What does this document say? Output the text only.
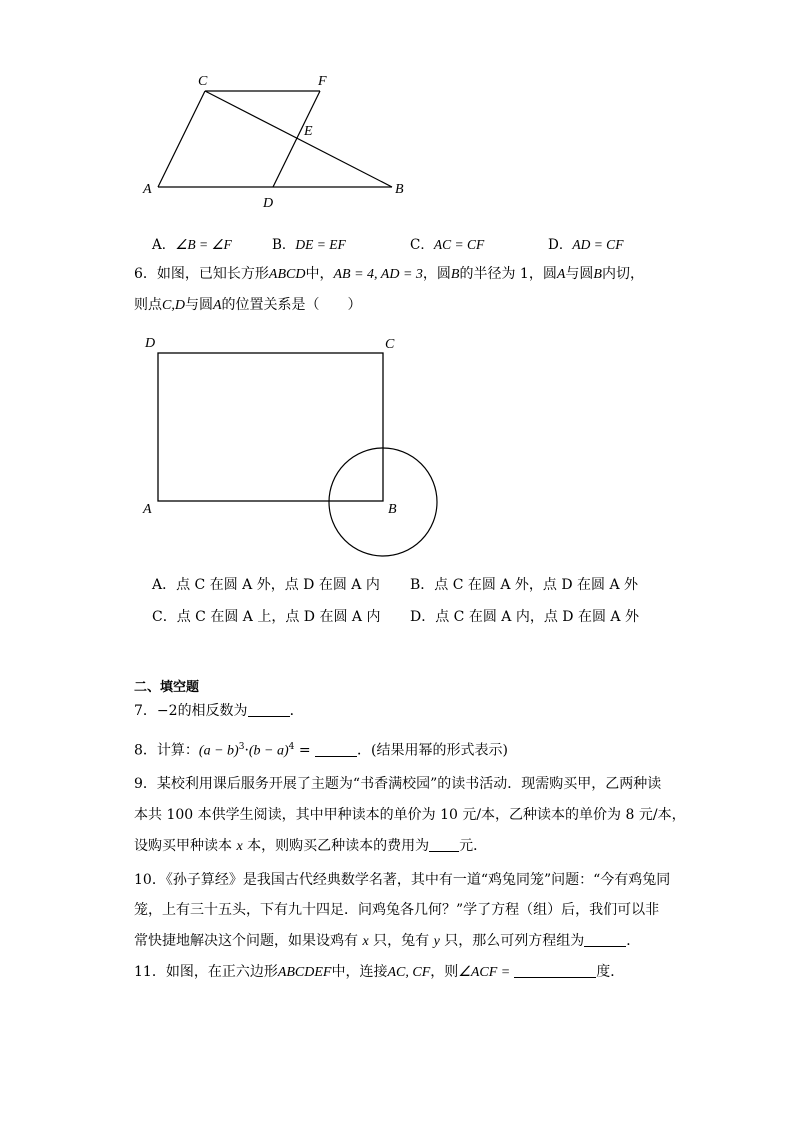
C	F
E
A
D
B
A．∠B = ∠F	B．DE = EF	C．AC = CF	D．AD = CF
6．如图，已知长方形ABCD中，AB = 4, AD = 3，圆B的半径为 1，圆A与圆B内切，
则点C,D与圆A的位置关系是（　　）
D	C
A	B
A．点 C 在圆 A 外，点 D 在圆 A 内 B．点 C 在圆 A 外，点 D 在圆 A 外
C．点 C 在圆 A 上，点 D 在圆 A 内 D．点 C 在圆 A 内，点 D 在圆 A 外
二、填空题
7．−2的相反数为	．
8．计算：$(a - b)^3\cdot(b - a)^4$ =	．(结果用幂的形式表示)
9．某校利用课后服务开展了主题为“书香满校园”的读书活动．现需购买甲，乙两种读
本共 100 本供学生阅读，其中甲种读本的单价为 10 元/本，乙种读本的单价为 8 元/本，
设购买甲种读本 x 本，则购买乙种读本的费用为 元．
10．《孙子算经》是我国古代经典数学名著，其中有一道“鸡兔同笼”问题：“今有鸡兔同
笼，上有三十五头，下有九十四足．问鸡兔各几何？”学了方程（组）后，我们可以非
常快捷地解决这个问题，如果设鸡有 x 只，兔有 y 只，那么可列方程组为	．
11．如图，在正六边形ABCDEF中，连接AC, CF，则∠ACF =	度．
